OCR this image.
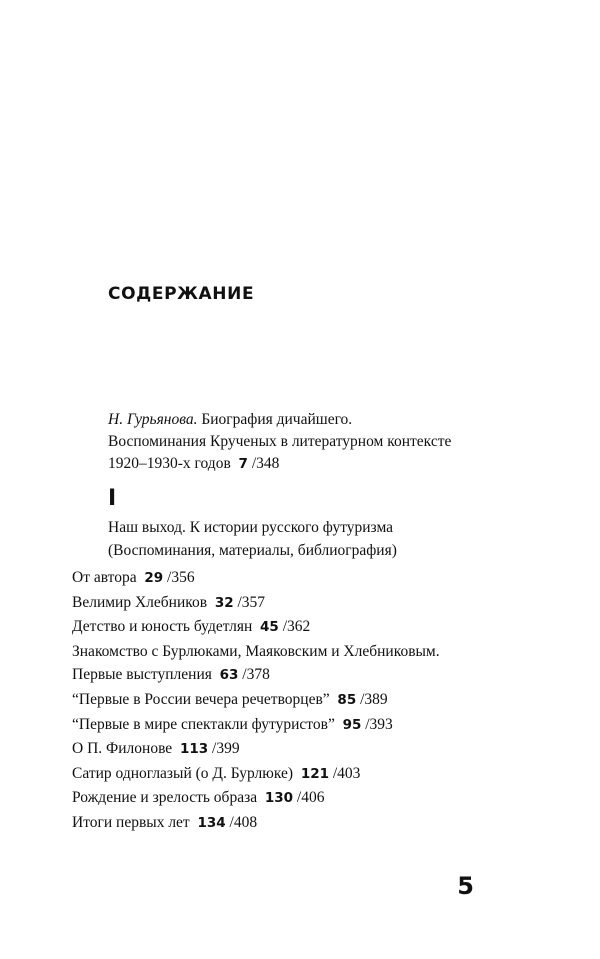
СОДЕРЖАНИЕ
Н. Гурьянова. Биография дичайшего.
Воспоминания Крученых в литературном контексте
1920–1930-х годов 7 /348
I
Наш выход. К истории русского футуризма
(Воспоминания, материалы, библиография)
От автора 29 /356
Велимир Хлебников 32 /357
Детство и юность будетлян 45 /362
Знакомство с Бурлюками, Маяковским и Хлебниковым.
Первые выступления 63 /378
“Первые в России вечера речетворцев” 85 /389
“Первые в мире спектакли футуристов” 95 /393
О П. Филонове 113 /399
Сатир одноглазый (о Д. Бурлюке) 121 /403
Рождение и зрелость образа 130 /406
Итоги первых лет 134 /408
5
